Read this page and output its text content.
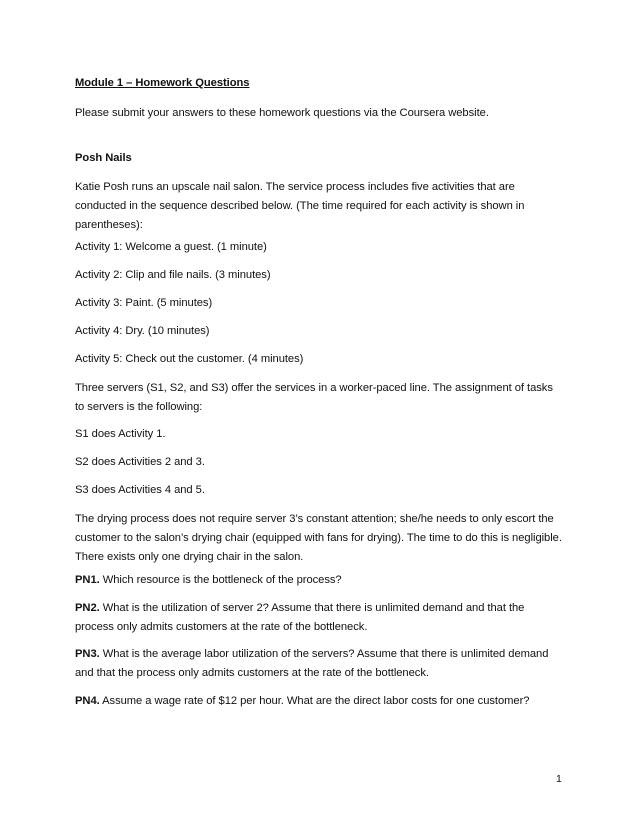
Module 1 – Homework Questions

Please submit your answers to these homework questions via the Coursera website.

Posh Nails

Katie Posh runs an upscale nail salon. The service process includes five activities that are conducted in the sequence described below. (The time required for each activity is shown in parentheses):

Activity 1: Welcome a guest. (1 minute)

Activity 2: Clip and file nails. (3 minutes)

Activity 3: Paint. (5 minutes)

Activity 4: Dry. (10 minutes)

Activity 5: Check out the customer. (4 minutes)

Three servers (S1, S2, and S3) offer the services in a worker-paced line. The assignment of tasks to servers is the following:

S1 does Activity 1.

S2 does Activities 2 and 3.

S3 does Activities 4 and 5.

The drying process does not require server 3’s constant attention; she/he needs to only escort the customer to the salon’s drying chair (equipped with fans for drying). The time to do this is negligible. There exists only one drying chair in the salon.

PN1. Which resource is the bottleneck of the process?

PN2. What is the utilization of server 2? Assume that there is unlimited demand and that the process only admits customers at the rate of the bottleneck.

PN3. What is the average labor utilization of the servers? Assume that there is unlimited demand and that the process only admits customers at the rate of the bottleneck.

PN4. Assume a wage rate of $12 per hour. What are the direct labor costs for one customer?

1
